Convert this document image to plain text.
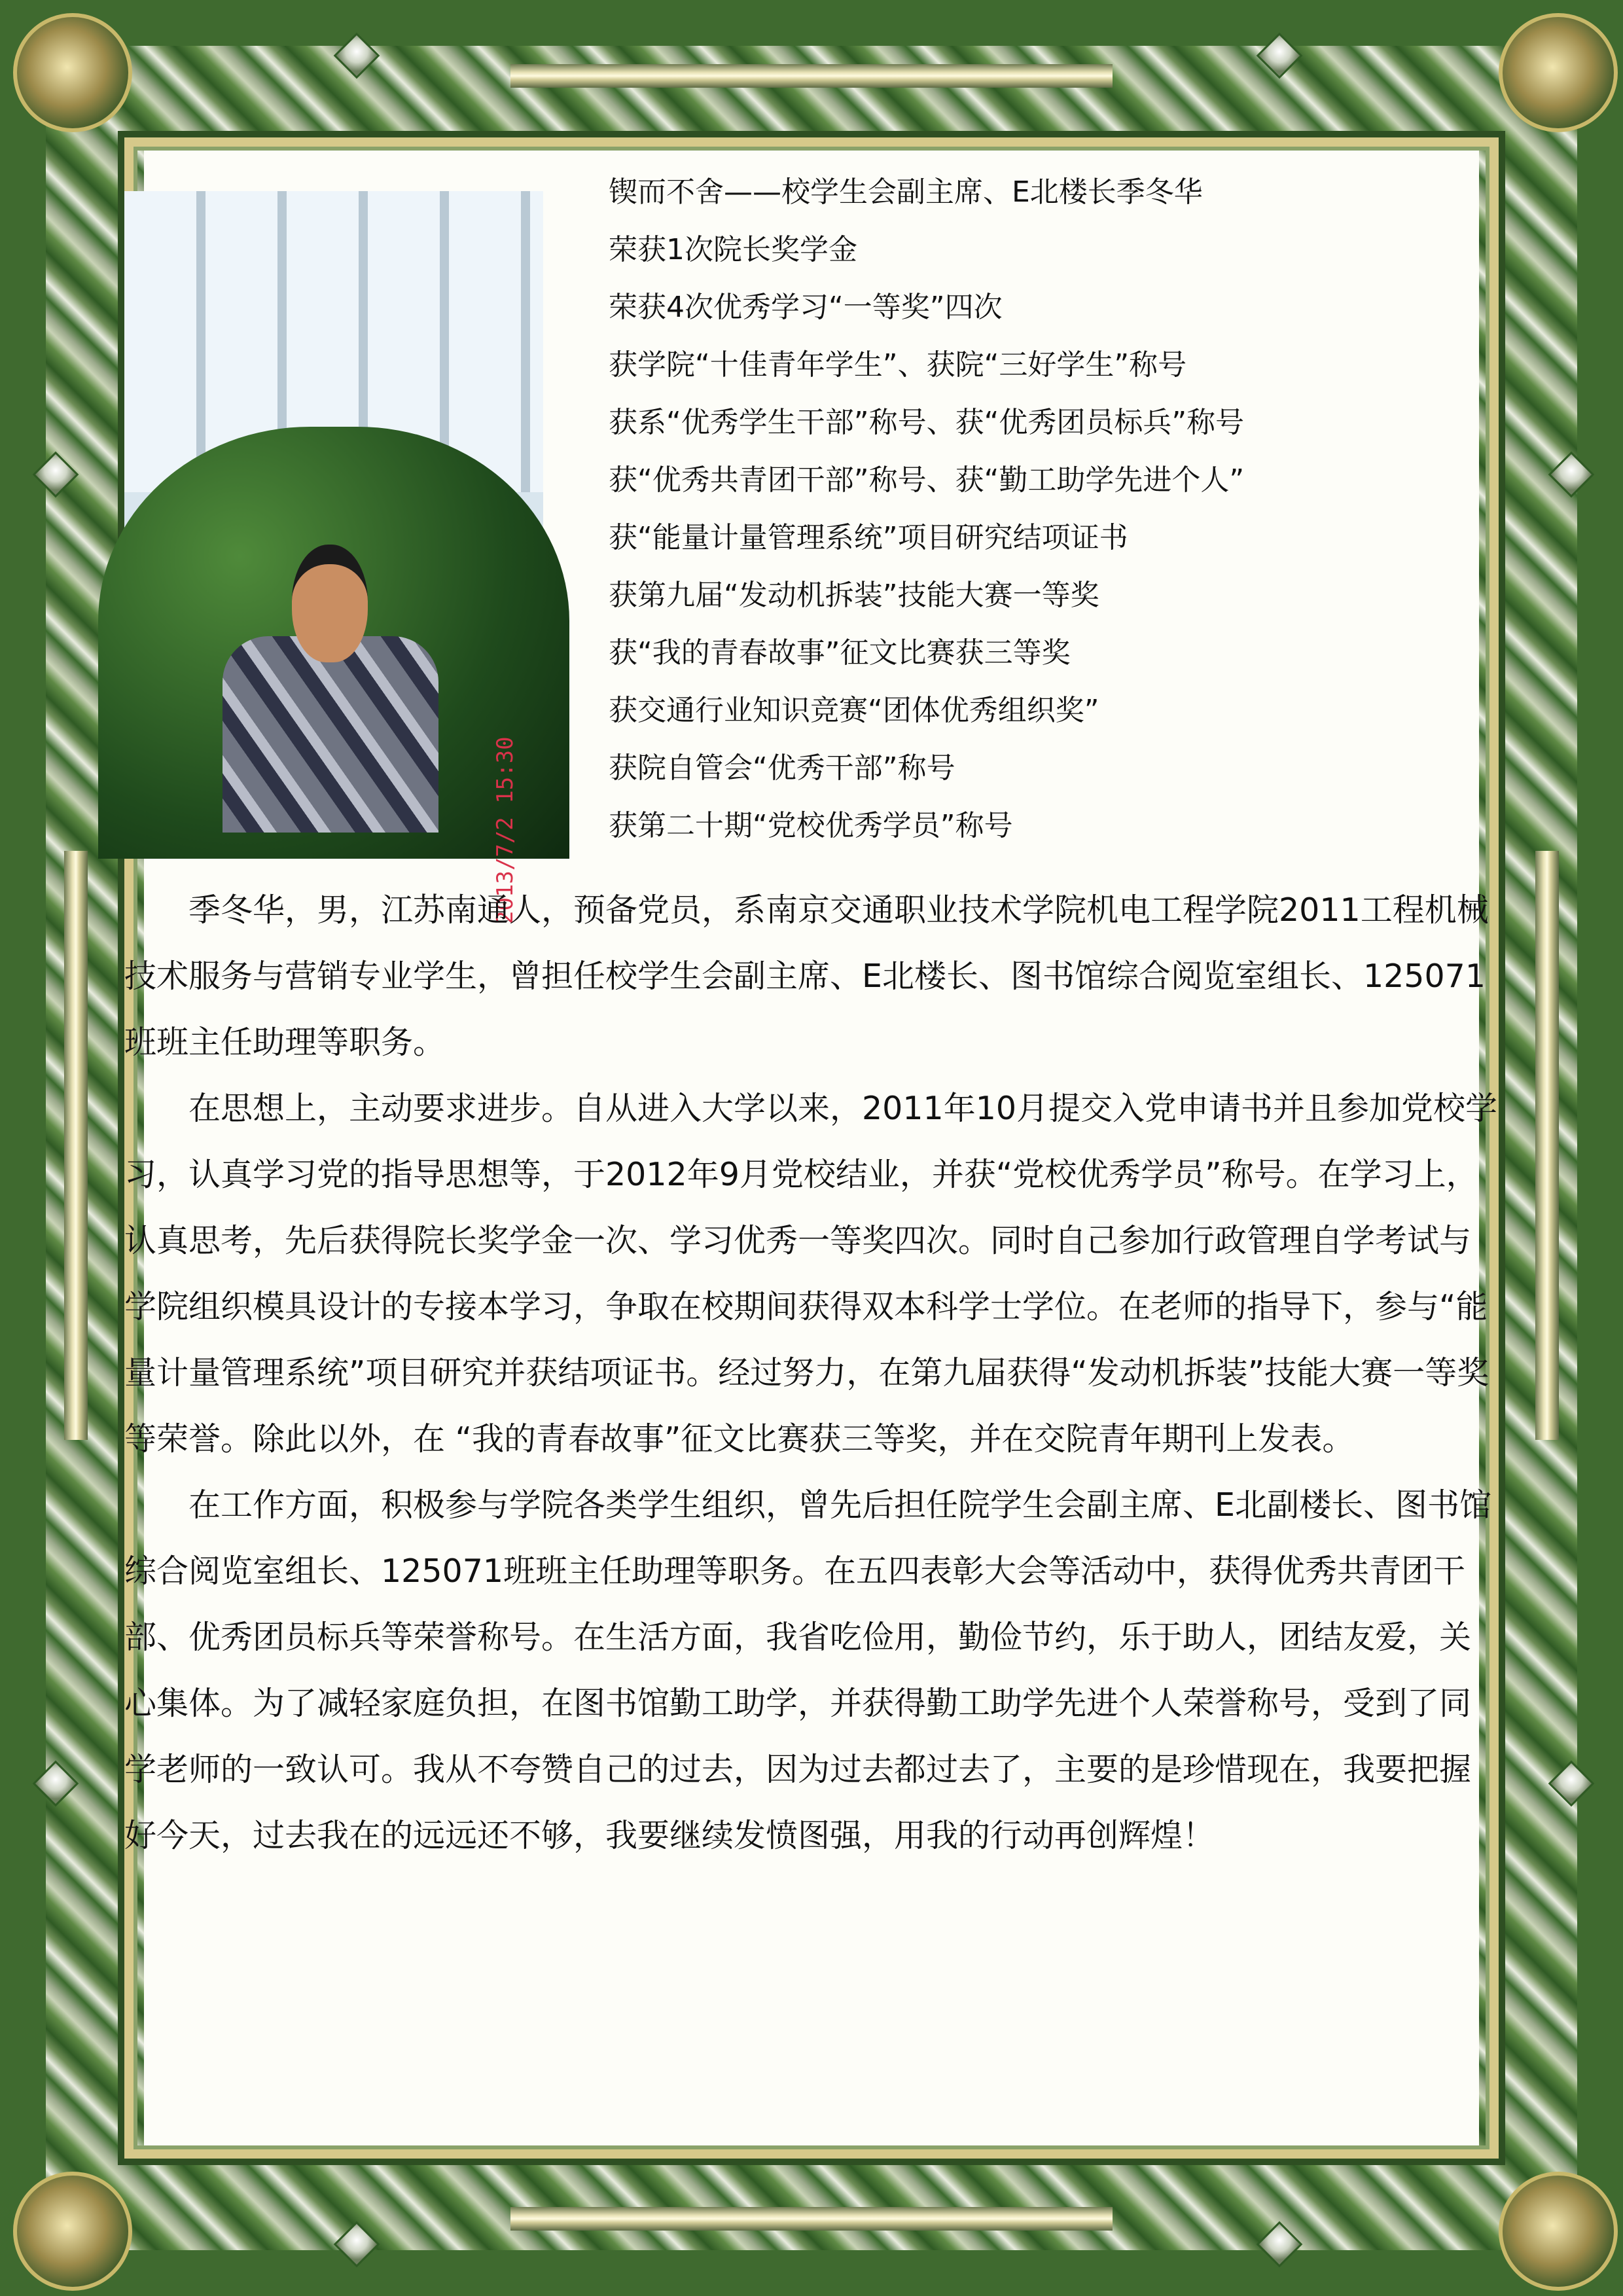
2013/7/2 15:30
锲而不舍——校学生会副主席、E北楼长季冬华
荣获1次院长奖学金
荣获4次优秀学习“一等奖”四次
获学院“十佳青年学生”、获院“三好学生”称号
获系“优秀学生干部”称号、获“优秀团员标兵”称号
获“优秀共青团干部”称号、获“勤工助学先进个人”
获“能量计量管理系统”项目研究结项证书
获第九届“发动机拆装”技能大赛一等奖
获“我的青春故事”征文比赛获三等奖
获交通行业知识竞赛“团体优秀组织奖”
获院自管会“优秀干部”称号
获第二十期“党校优秀学员”称号

季冬华，男，江苏南通人，预备党员，系南京交通职业技术学院机电工程学院2011工程机械技术服务与营销专业学生，曾担任校学生会副主席、E北楼长、图书馆综合阅览室组长、125071班班主任助理等职务。

在思想上，主动要求进步。自从进入大学以来，2011年10月提交入党申请书并且参加党校学习，认真学习党的指导思想等，于2012年9月党校结业，并获“党校优秀学员”称号。在学习上，认真思考，先后获得院长奖学金一次、学习优秀一等奖四次。同时自己参加行政管理自学考试与学院组织模具设计的专接本学习，争取在校期间获得双本科学士学位。在老师的指导下，参与“能量计量管理系统”项目研究并获结项证书。经过努力，在第九届获得“发动机拆装”技能大赛一等奖等荣誉。除此以外，在 “我的青春故事”征文比赛获三等奖，并在交院青年期刊上发表。

在工作方面，积极参与学院各类学生组织，曾先后担任院学生会副主席、E北副楼长、图书馆综合阅览室组长、125071班班主任助理等职务。在五四表彰大会等活动中，获得优秀共青团干部、优秀团员标兵等荣誉称号。在生活方面，我省吃俭用，勤俭节约，乐于助人，团结友爱，关心集体。为了减轻家庭负担，在图书馆勤工助学，并获得勤工助学先进个人荣誉称号，受到了同学老师的一致认可。我从不夸赞自己的过去，因为过去都过去了，主要的是珍惜现在，我要把握好今天，过去我在的远远还不够，我要继续发愤图强，用我的行动再创辉煌！
